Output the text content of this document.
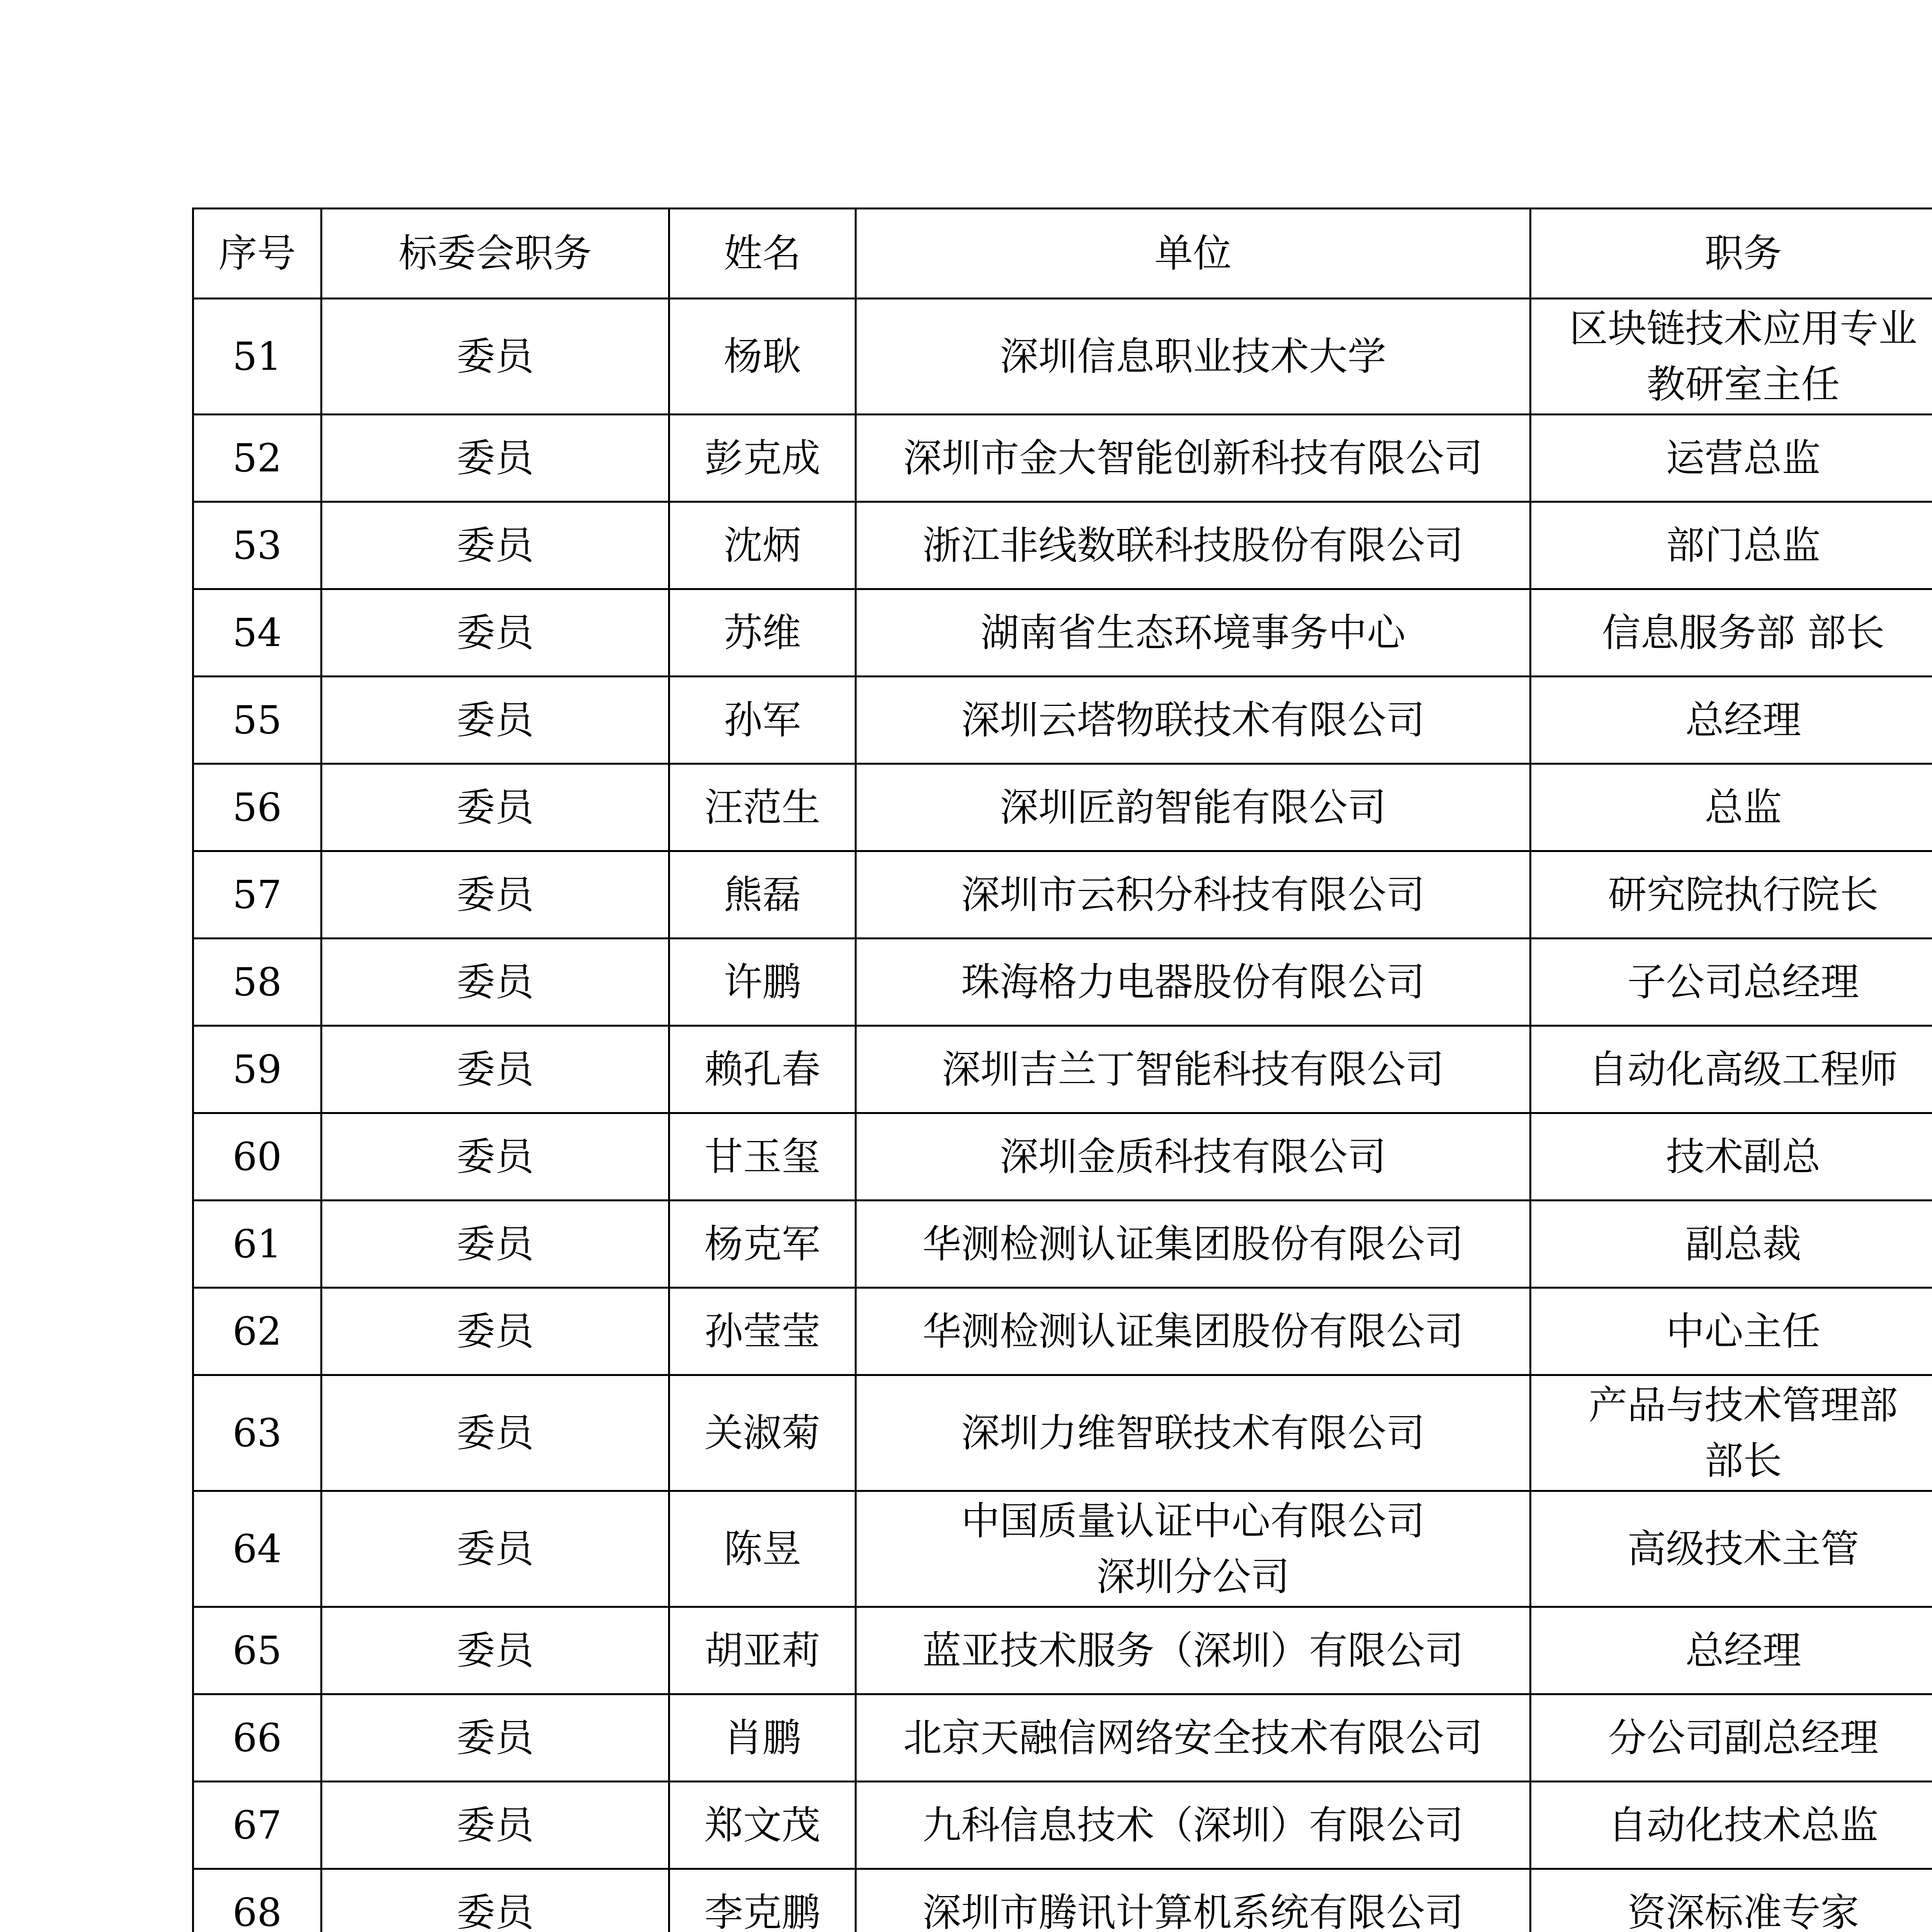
序号	标委会职务	姓名	单位	职务
51	委员	杨耿	深圳信息职业技术大学	区块链技术应用专业
教研室主任

52	委员	彭克成	深圳市金大智能创新科技有限公司	运营总监

53	委员	沈炳	浙江非线数联科技股份有限公司	部门总监

54	委员	苏维	湖南省生态环境事务中心	信息服务部 部长

55	委员	孙军	深圳云塔物联技术有限公司	总经理

56	委员	汪范生	深圳匠韵智能有限公司	总监

57	委员	熊磊	深圳市云积分科技有限公司	研究院执行院长

58	委员	许鹏	珠海格力电器股份有限公司	子公司总经理

59	委员	赖孔春	深圳吉兰丁智能科技有限公司	自动化高级工程师

60	委员	甘玉玺	深圳金质科技有限公司	技术副总

61	委员	杨克军	华测检测认证集团股份有限公司	副总裁

62	委员	孙莹莹	华测检测认证集团股份有限公司	中心主任

63	委员	关淑菊	深圳力维智联技术有限公司	产品与技术管理部
部长

64	委员	陈昱	中国质量认证中心有限公司
深圳分公司	高级技术主管

65	委员	胡亚莉	蓝亚技术服务（深圳）有限公司	总经理

66	委员	肖鹏	北京天融信网络安全技术有限公司	分公司副总经理

67	委员	郑文茂	九科信息技术（深圳）有限公司	自动化技术总监

68	委员	李克鹏	深圳市腾讯计算机系统有限公司	资深标准专家
